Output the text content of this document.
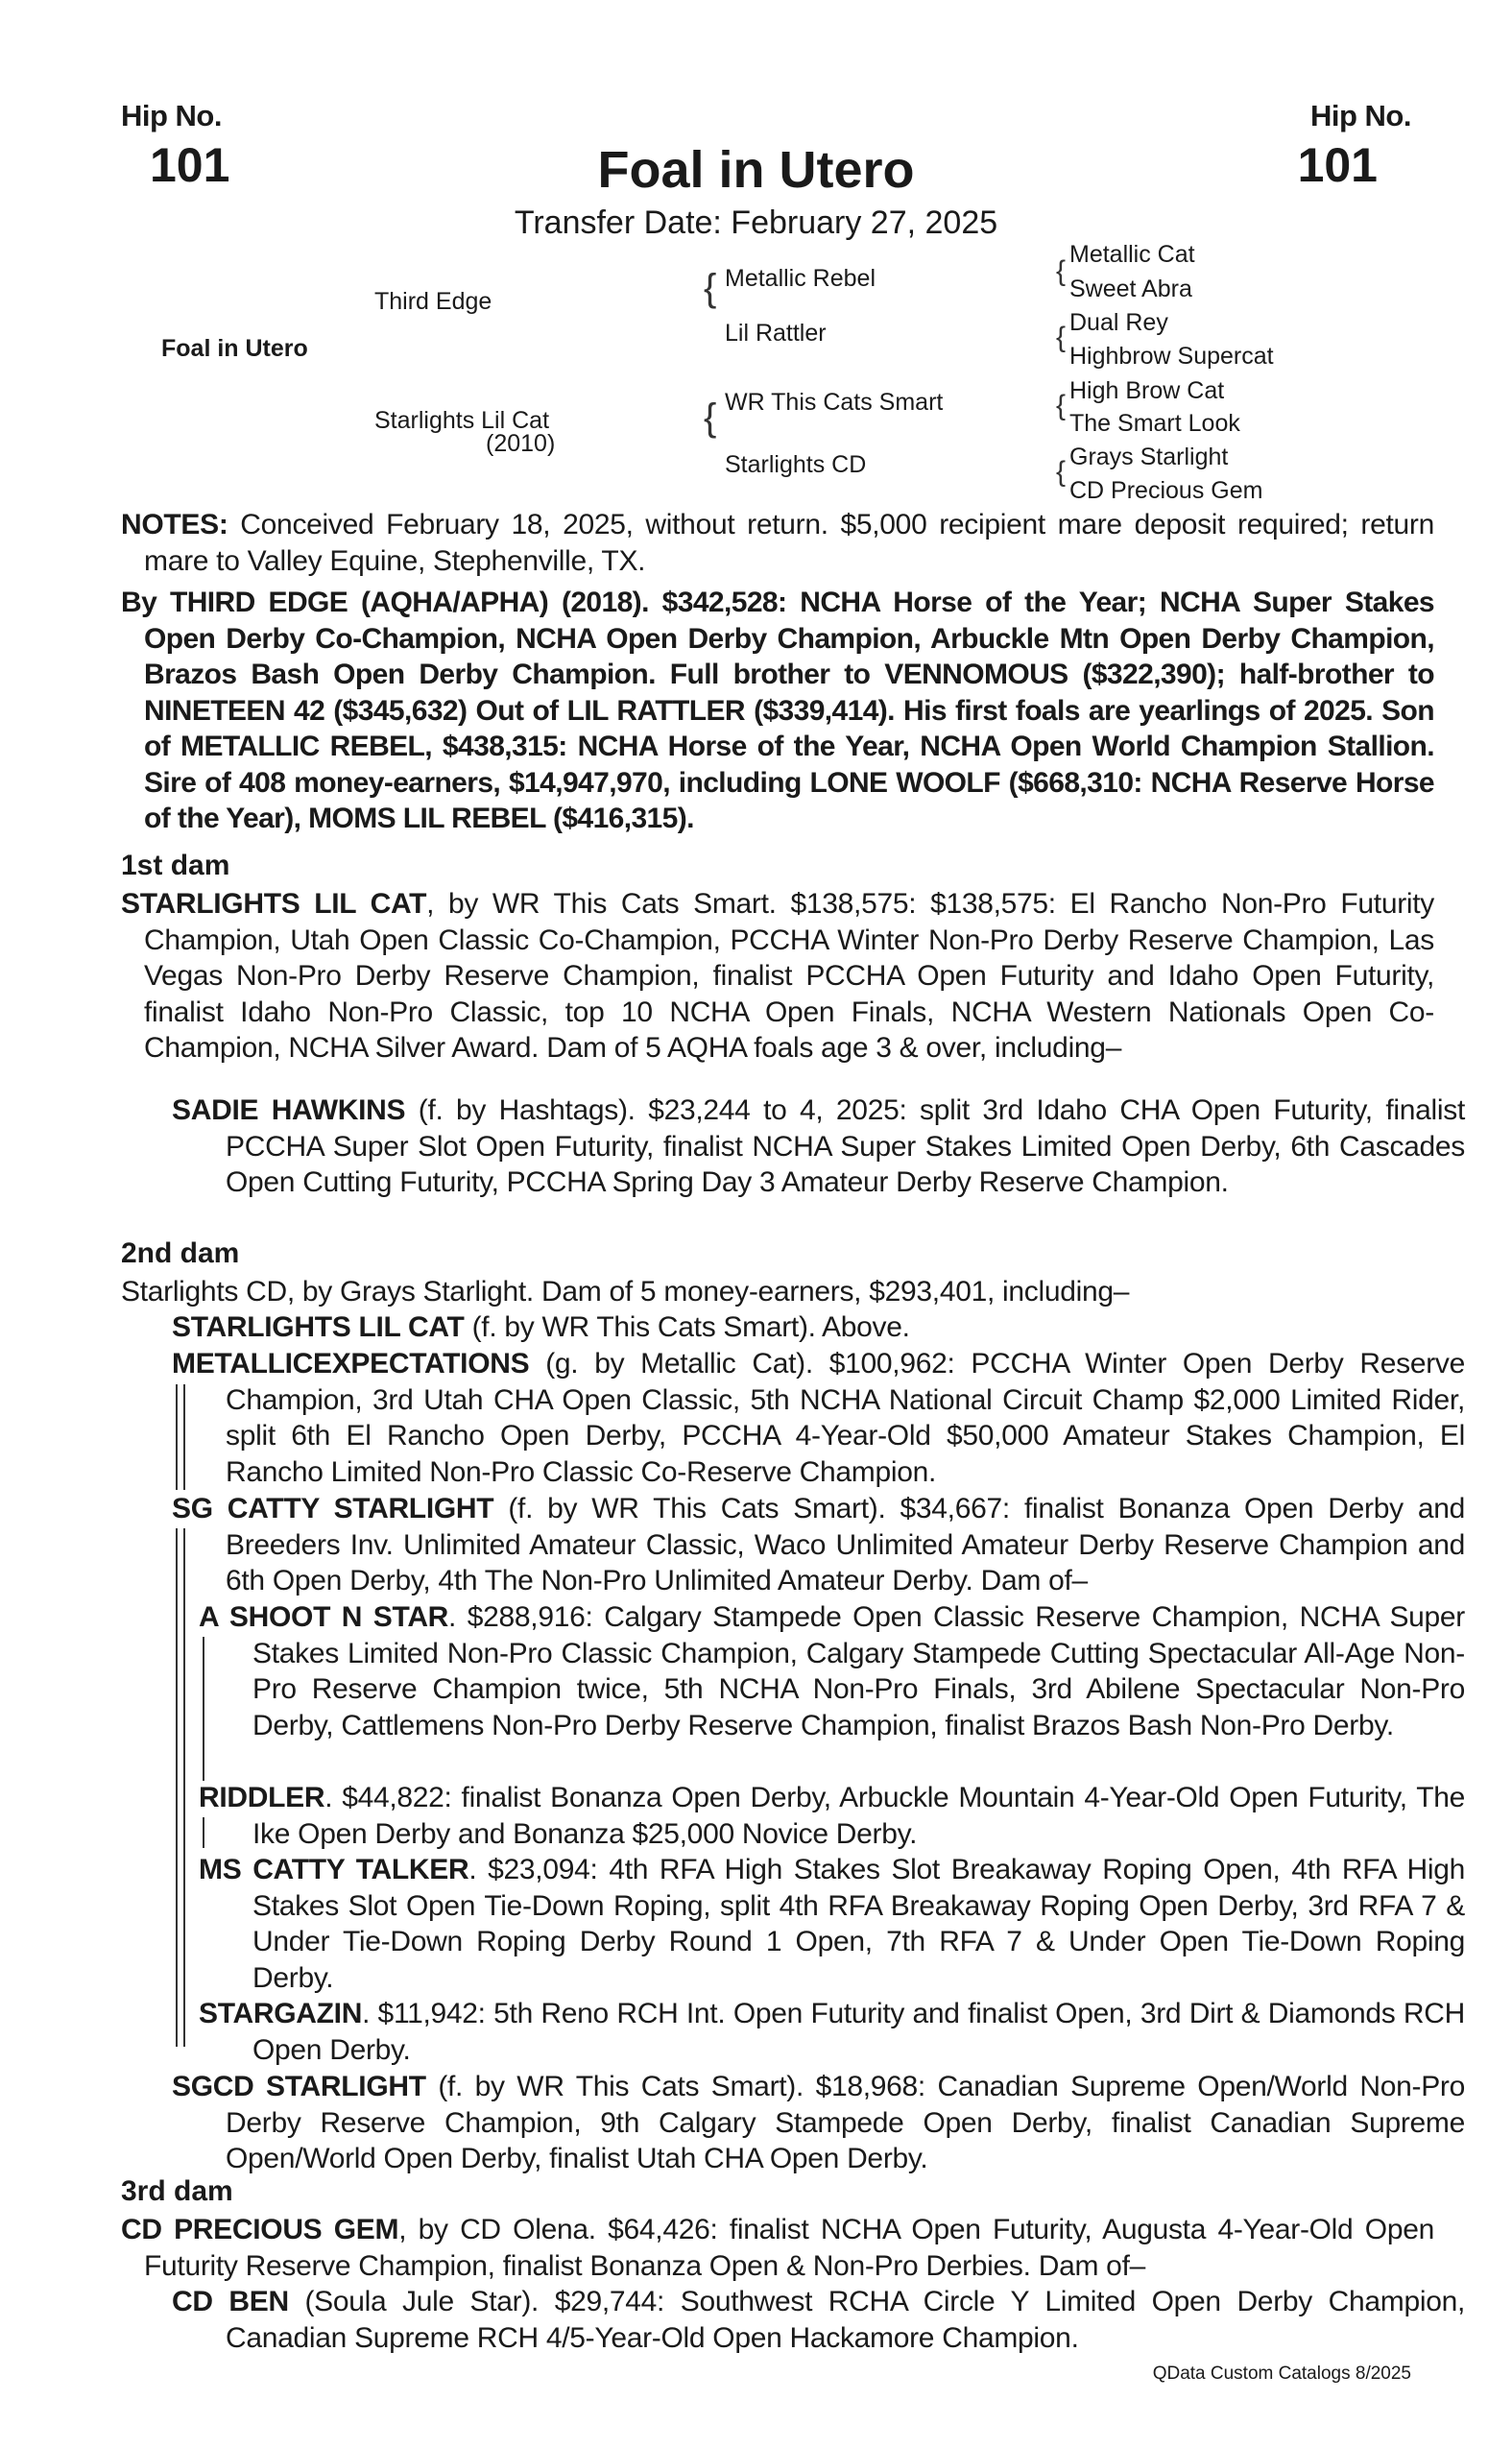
Hip No.
101
Hip No.
101
Foal in Utero
Transfer Date: February 27, 2025
Foal in Utero
Third Edge
Starlights Lil Cat
(2010)
{ Metallic Rebel
Lil Rattler
{ WR This Cats Smart
Starlights CD
{
Metallic Cat
Sweet Abra
{ Dual Rey
Highbrow Supercat
{ High Brow Cat
The Smart Look
{ Grays Starlight
CD Precious Gem
NOTES: Conceived February 18, 2025, without return. $5,000 recipient mare deposit required; return mare to Valley Equine, Stephenville, TX.
By THIRD EDGE (AQHA/APHA) (2018). $342,528: NCHA Horse of the Year; NCHA Super Stakes Open Derby Co-Champion, NCHA Open Derby Champion, Arbuckle Mtn Open Derby Champion, Brazos Bash Open Derby Champion. Full brother to VENNOMOUS ($322,390); half-brother to NINETEEN 42 ($345,632) Out of LIL RATTLER ($339,414). His first foals are yearlings of 2025. Son of METALLIC REBEL, $438,315: NCHA Horse of the Year, NCHA Open World Champion Stallion. Sire of 408 money-earners, $14,947,970, including LONE WOOLF ($668,310: NCHA Reserve Horse of the Year), MOMS LIL REBEL ($416,315).
1st dam
STARLIGHTS LIL CAT, by WR This Cats Smart. $138,575: $138,575: El Rancho Non-Pro Futurity Champion, Utah Open Classic Co-Champion, PCCHA Winter Non-Pro Derby Reserve Champion, Las Vegas Non-Pro Derby Reserve Champion, finalist PCCHA Open Futurity and Idaho Open Futurity, finalist Idaho Non-Pro Classic, top 10 NCHA Open Finals, NCHA Western Nationals Open Co-Champion, NCHA Silver Award. Dam of 5 AQHA foals age 3 & over, including–
SADIE HAWKINS (f. by Hashtags). $23,244 to 4, 2025: split 3rd Idaho CHA Open Futurity, finalist PCCHA Super Slot Open Futurity, finalist NCHA Super Stakes Limited Open Derby, 6th Cascades Open Cutting Futurity, PCCHA Spring Day 3 Amateur Derby Reserve Champion.
2nd dam
Starlights CD, by Grays Starlight. Dam of 5 money-earners, $293,401, including–
STARLIGHTS LIL CAT (f. by WR This Cats Smart). Above.
METALLICEXPECTATIONS (g. by Metallic Cat). $100,962: PCCHA Winter Open Derby Reserve Champion, 3rd Utah CHA Open Classic, 5th NCHA National Circuit Champ $2,000 Limited Rider, split 6th El Rancho Open Derby, PCCHA 4-Year-Old $50,000 Amateur Stakes Champion, El Rancho Limited Non-Pro Classic Co-Reserve Champion.
SG CATTY STARLIGHT (f. by WR This Cats Smart). $34,667: finalist Bonanza Open Derby and Breeders Inv. Unlimited Amateur Classic, Waco Unlimited Amateur Derby Reserve Champion and 6th Open Derby, 4th The Non-Pro Unlimited Amateur Derby. Dam of–
A SHOOT N STAR. $288,916: Calgary Stampede Open Classic Reserve Champion, NCHA Super Stakes Limited Non-Pro Classic Champion, Calgary Stampede Cutting Spectacular All-Age Non-Pro Reserve Champion twice, 5th NCHA Non-Pro Finals, 3rd Abilene Spectacular Non-Pro Derby, Cattlemens Non-Pro Derby Reserve Champion, finalist Brazos Bash Non-Pro Derby.
RIDDLER. $44,822: finalist Bonanza Open Derby, Arbuckle Mountain 4-Year-Old Open Futurity, The Ike Open Derby and Bonanza $25,000 Novice Derby.
MS CATTY TALKER. $23,094: 4th RFA High Stakes Slot Breakaway Roping Open, 4th RFA High Stakes Slot Open Tie-Down Roping, split 4th RFA Breakaway Roping Open Derby, 3rd RFA 7 & Under Tie-Down Roping Derby Round 1 Open, 7th RFA 7 & Under Open Tie-Down Roping Derby.
STARGAZIN. $11,942: 5th Reno RCH Int. Open Futurity and finalist Open, 3rd Dirt & Diamonds RCH Open Derby.
SGCD STARLIGHT (f. by WR This Cats Smart). $18,968: Canadian Supreme Open/World Non-Pro Derby Reserve Champion, 9th Calgary Stampede Open Derby, finalist Canadian Supreme Open/World Open Derby, finalist Utah CHA Open Derby.
3rd dam
CD PRECIOUS GEM, by CD Olena. $64,426: finalist NCHA Open Futurity, Augusta 4-Year-Old Open Futurity Reserve Champion, finalist Bonanza Open & Non-Pro Derbies. Dam of–
CD BEN (Soula Jule Star). $29,744: Southwest RCHA Circle Y Limited Open Derby Champion, Canadian Supreme RCH 4/5-Year-Old Open Hackamore Champion.
QData Custom Catalogs 8/2025
